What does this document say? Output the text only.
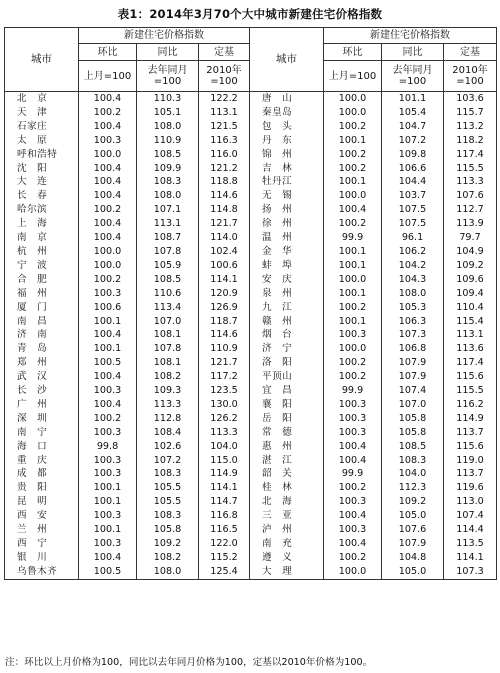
表1：2014年3月70个大中城市新建住宅价格指数
城市	新建住宅价格指数			城市	新建住宅价格指数		
	环比	同比	定基		环比	同比	定基
	上月=100	去年同月=100	2010年=100		上月=100	去年同月=100	2010年=100
北　京	100.4	110.3	122.2	唐　山	100.0	101.1	103.6
天　津	100.2	105.1	113.1	秦皇岛	100.0	105.4	115.7
石家庄	100.4	108.0	121.5	包　头	100.2	104.7	113.2
太　原	100.3	110.9	116.3	丹　东	100.1	107.2	118.2
呼和浩特	100.0	108.5	116.0	锦　州	100.2	109.8	117.4
沈　阳	100.4	109.9	121.2	吉　林	100.2	106.6	115.5
大　连	100.4	108.3	118.8	牡丹江	100.1	104.4	113.3
长　春	100.4	108.0	114.6	无　锡	100.0	103.7	107.6
哈尔滨	100.2	107.1	114.8	扬　州	100.4	107.5	112.7
上　海	100.4	113.1	121.7	徐　州	100.2	107.5	113.9
南　京	100.4	108.7	114.0	温　州	99.9	96.1	79.7
杭　州	100.0	107.8	102.4	金　华	100.1	106.2	104.9
宁　波	100.0	105.9	100.6	蚌　埠	100.1	104.2	109.2
合　肥	100.2	108.5	114.1	安　庆	100.0	104.3	109.6
福　州	100.3	110.6	120.9	泉　州	100.1	108.0	109.4
厦　门	100.6	113.4	126.9	九　江	100.2	105.3	110.4
南　昌	100.1	107.0	118.7	赣　州	100.1	106.3	115.4
济　南	100.4	108.1	114.6	烟　台	100.3	107.3	113.1
青　岛	100.1	107.8	110.9	济　宁	100.0	106.8	113.6
郑　州	100.5	108.1	121.7	洛　阳	100.2	107.9	117.4
武　汉	100.4	108.2	117.2	平顶山	100.2	107.9	115.6
长　沙	100.3	109.3	123.5	宜　昌	99.9	107.4	115.5
广　州	100.4	113.3	130.0	襄　阳	100.3	107.0	116.2
深　圳	100.2	112.8	126.2	岳　阳	100.3	105.8	114.9
南　宁	100.3	108.4	113.3	常　德	100.3	105.8	113.7
海　口	99.8	102.6	104.0	惠　州	100.4	108.5	115.6
重　庆	100.3	107.2	115.0	湛　江	100.4	108.3	119.0
成　都	100.3	108.3	114.9	韶　关	99.9	104.0	113.7
贵　阳	100.1	105.5	114.1	桂　林	100.2	112.3	119.6
昆　明	100.1	105.5	114.7	北　海	100.3	109.2	113.0
西　安	100.3	108.3	116.8	三　亚	100.4	105.0	107.4
兰　州	100.1	105.8	116.5	泸　州	100.3	107.6	114.4
西　宁	100.3	109.2	122.0	南　充	100.4	107.9	113.5
银　川	100.4	108.2	115.2	遵　义	100.2	104.8	114.1
乌鲁木齐	100.5	108.0	125.4	大　理	100.0	105.0	107.3
注：环比以上月价格为100，同比以去年同月价格为100，定基以2010年价格为100。
